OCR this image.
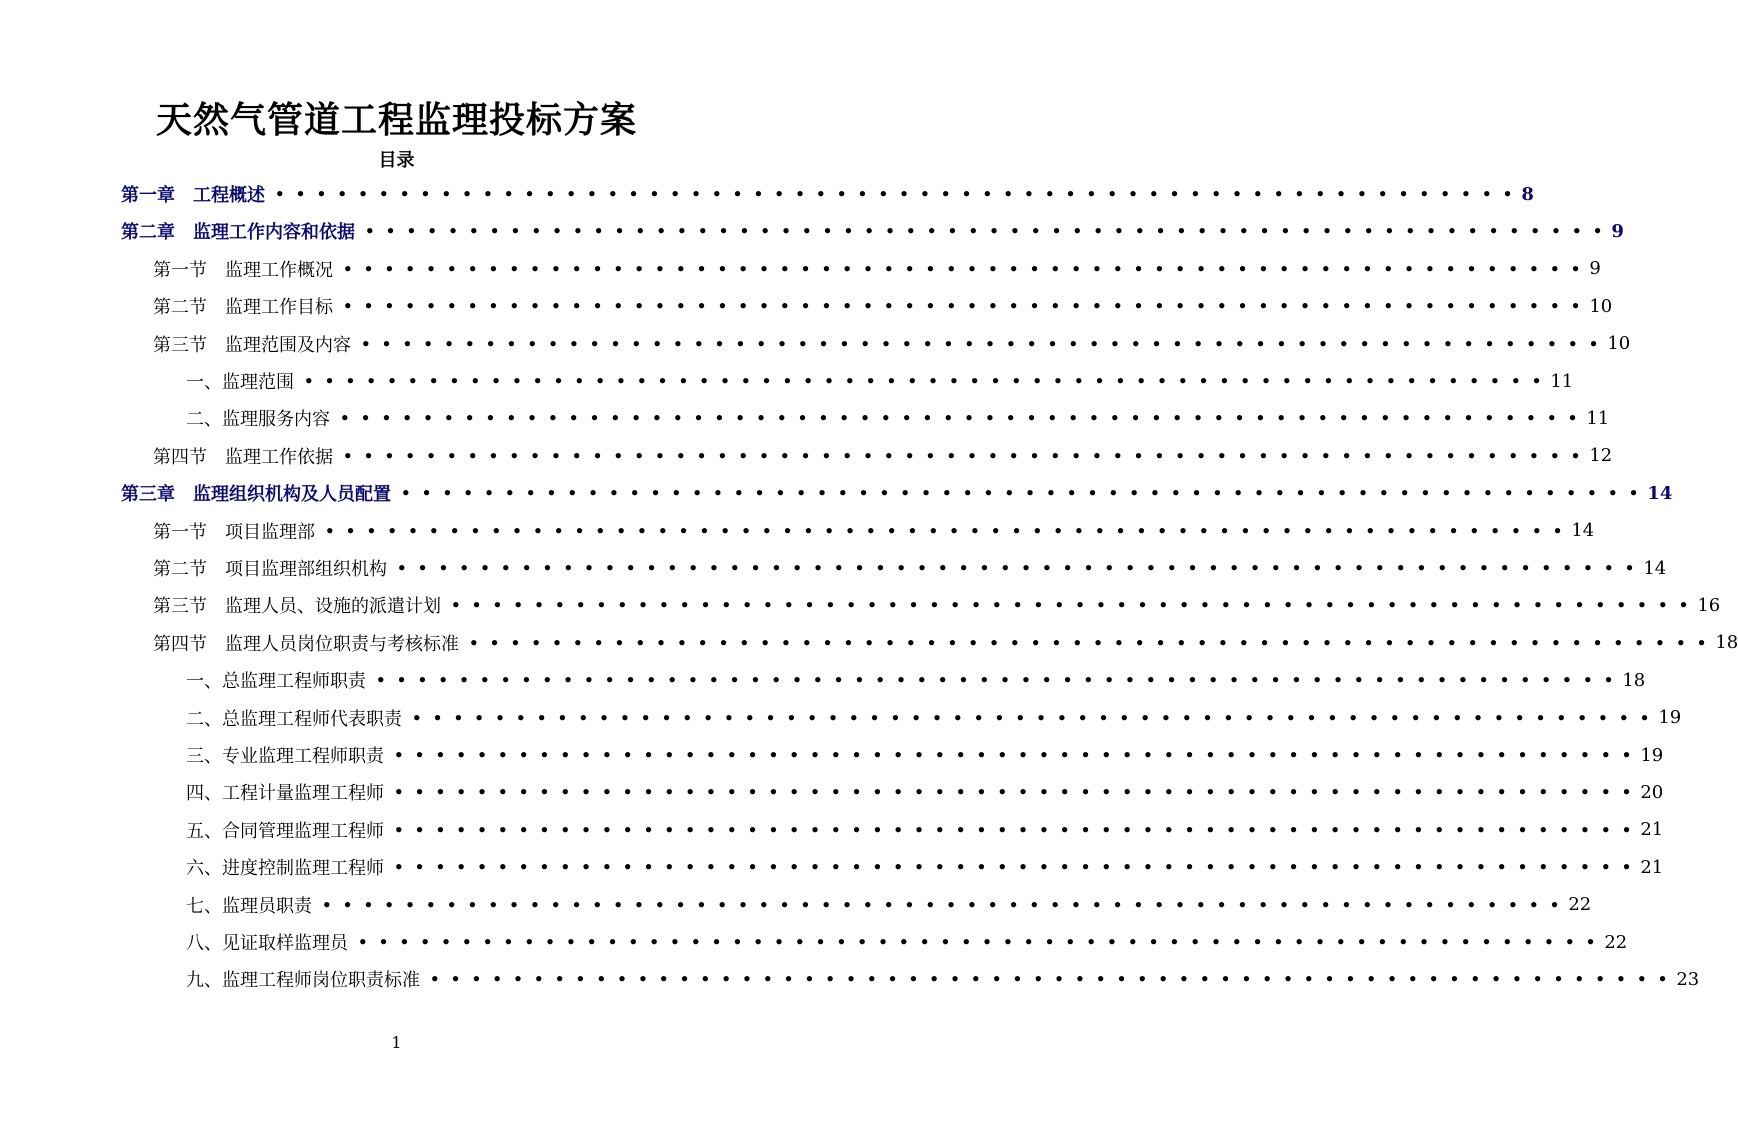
天然气管道工程监理投标方案
目录
第一章　工程概述 • • • • • • • • • • • • • • • • • • • • • • • • • • • • • • • • • • • • • • • • • • • • • • • • • • • • • • • • • • • • 8
第二章　监理工作内容和依据 • • • • • • • • • • • • • • • • • • • • • • • • • • • • • • • • • • • • • • • • • • • • • • • • • • • • • • • • • • • • 9
第一节　监理工作概况 • • • • • • • • • • • • • • • • • • • • • • • • • • • • • • • • • • • • • • • • • • • • • • • • • • • • • • • • • • • • 9
第二节　监理工作目标 • • • • • • • • • • • • • • • • • • • • • • • • • • • • • • • • • • • • • • • • • • • • • • • • • • • • • • • • • • • • 10
第三节　监理范围及内容 • • • • • • • • • • • • • • • • • • • • • • • • • • • • • • • • • • • • • • • • • • • • • • • • • • • • • • • • • • • • 10
一、监理范围 • • • • • • • • • • • • • • • • • • • • • • • • • • • • • • • • • • • • • • • • • • • • • • • • • • • • • • • • • • • • 11
二、监理服务内容 • • • • • • • • • • • • • • • • • • • • • • • • • • • • • • • • • • • • • • • • • • • • • • • • • • • • • • • • • • • • 11
第四节　监理工作依据 • • • • • • • • • • • • • • • • • • • • • • • • • • • • • • • • • • • • • • • • • • • • • • • • • • • • • • • • • • • • 12
第三章　监理组织机构及人员配置 • • • • • • • • • • • • • • • • • • • • • • • • • • • • • • • • • • • • • • • • • • • • • • • • • • • • • • • • • • • • 14
第一节　项目监理部 • • • • • • • • • • • • • • • • • • • • • • • • • • • • • • • • • • • • • • • • • • • • • • • • • • • • • • • • • • • • 14
第二节　项目监理部组织机构 • • • • • • • • • • • • • • • • • • • • • • • • • • • • • • • • • • • • • • • • • • • • • • • • • • • • • • • • • • • • 14
第三节　监理人员、设施的派遣计划 • • • • • • • • • • • • • • • • • • • • • • • • • • • • • • • • • • • • • • • • • • • • • • • • • • • • • • • • • • • • 16
第四节　监理人员岗位职责与考核标准 • • • • • • • • • • • • • • • • • • • • • • • • • • • • • • • • • • • • • • • • • • • • • • • • • • • • • • • • • • • • 18
一、总监理工程师职责 • • • • • • • • • • • • • • • • • • • • • • • • • • • • • • • • • • • • • • • • • • • • • • • • • • • • • • • • • • • • 18
二、总监理工程师代表职责 • • • • • • • • • • • • • • • • • • • • • • • • • • • • • • • • • • • • • • • • • • • • • • • • • • • • • • • • • • • • 19
三、专业监理工程师职责 • • • • • • • • • • • • • • • • • • • • • • • • • • • • • • • • • • • • • • • • • • • • • • • • • • • • • • • • • • • • 19
四、工程计量监理工程师 • • • • • • • • • • • • • • • • • • • • • • • • • • • • • • • • • • • • • • • • • • • • • • • • • • • • • • • • • • • • 20
五、合同管理监理工程师 • • • • • • • • • • • • • • • • • • • • • • • • • • • • • • • • • • • • • • • • • • • • • • • • • • • • • • • • • • • • 21
六、进度控制监理工程师 • • • • • • • • • • • • • • • • • • • • • • • • • • • • • • • • • • • • • • • • • • • • • • • • • • • • • • • • • • • • 21
七、监理员职责 • • • • • • • • • • • • • • • • • • • • • • • • • • • • • • • • • • • • • • • • • • • • • • • • • • • • • • • • • • • • 22
八、见证取样监理员 • • • • • • • • • • • • • • • • • • • • • • • • • • • • • • • • • • • • • • • • • • • • • • • • • • • • • • • • • • • • 22
九、监理工程师岗位职责标准 • • • • • • • • • • • • • • • • • • • • • • • • • • • • • • • • • • • • • • • • • • • • • • • • • • • • • • • • • • • • 23
1
